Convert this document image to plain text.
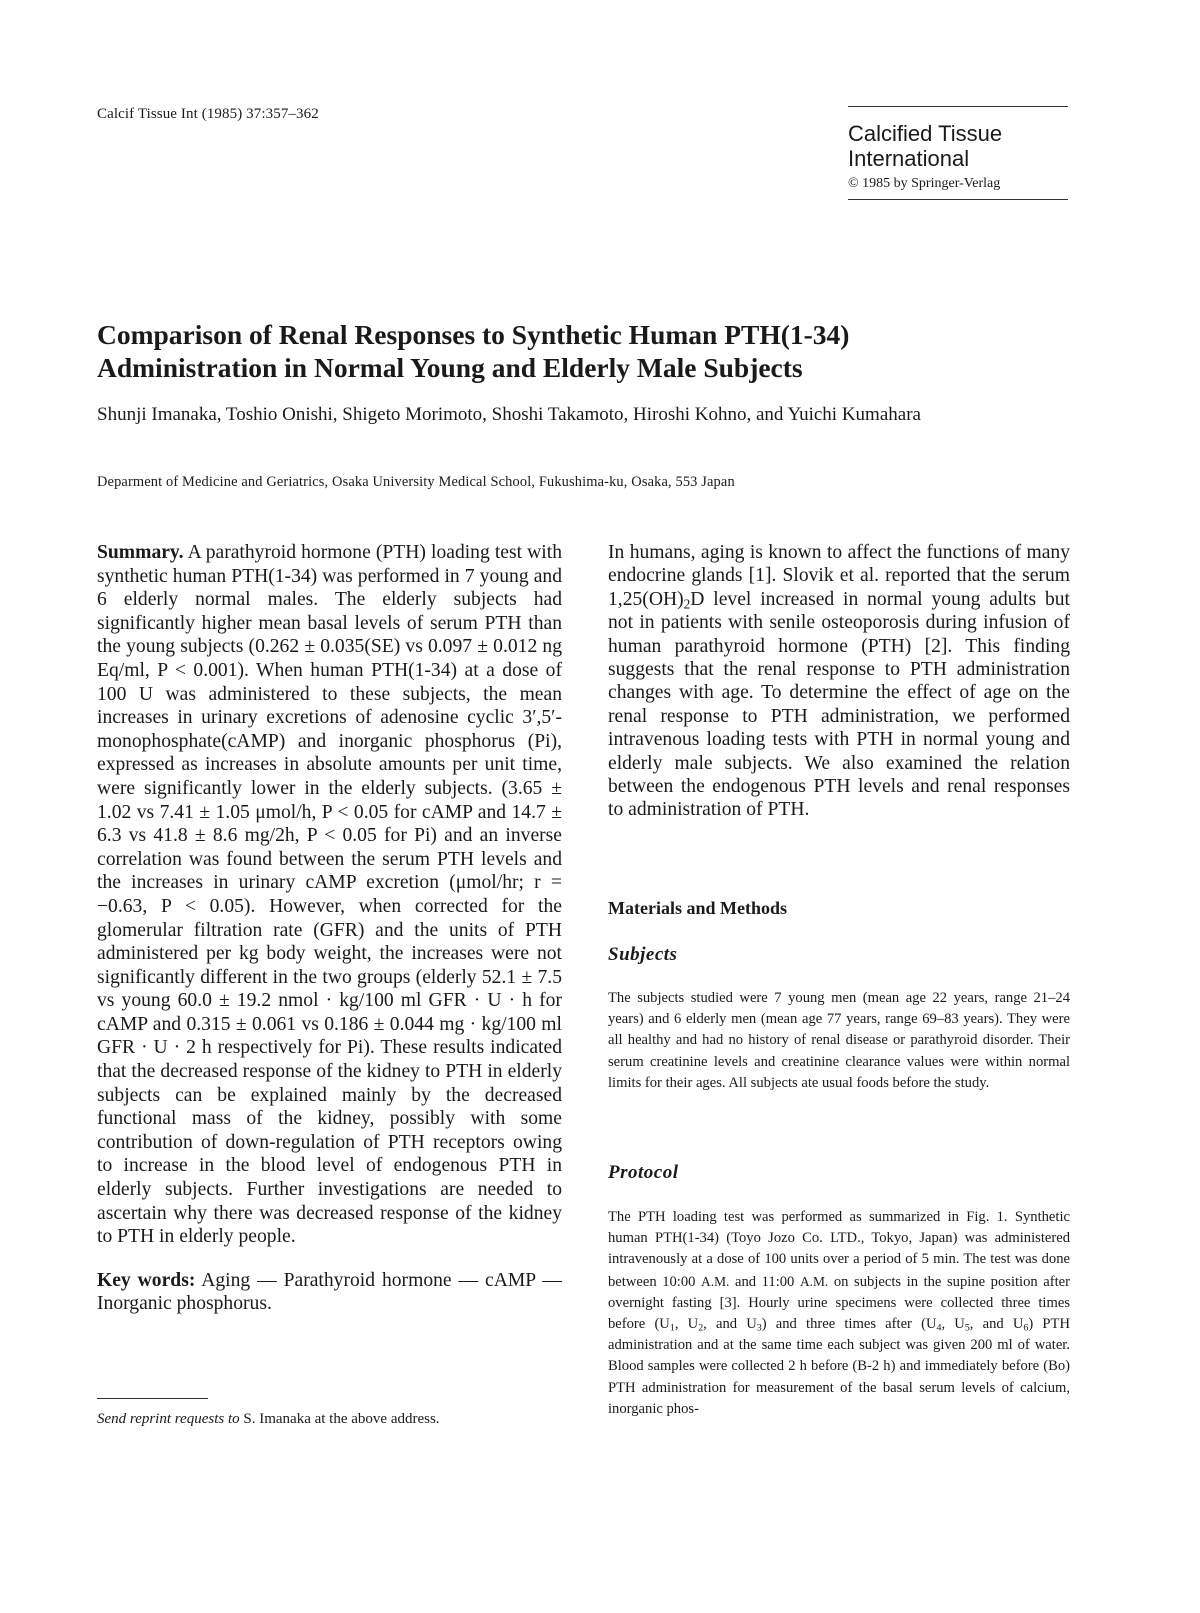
Calcif Tissue Int (1985) 37:357–362
Calcified Tissue
International
© 1985 by Springer-Verlag
Comparison of Renal Responses to Synthetic Human PTH(1-34) Administration in Normal Young and Elderly Male Subjects

Shunji Imanaka, Toshio Onishi, Shigeto Morimoto, Shoshi Takamoto, Hiroshi Kohno, and Yuichi Kumahara

Deparment of Medicine and Geriatrics, Osaka University Medical School, Fukushima-ku, Osaka, 553 Japan

Summary. A parathyroid hormone (PTH) loading test with synthetic human PTH(1-34) was performed in 7 young and 6 elderly normal males. The elderly subjects had significantly higher mean basal levels of serum PTH than the young subjects (0.262 ± 0.035(SE) vs 0.097 ± 0.012 ng Eq/ml, P < 0.001). When human PTH(1-34) at a dose of 100 U was administered to these subjects, the mean increases in urinary excretions of adenosine cyclic 3′,5′-monophosphate(cAMP) and inorganic phosphorus (Pi), expressed as increases in absolute amounts per unit time, were significantly lower in the elderly subjects. (3.65 ± 1.02 vs 7.41 ± 1.05 μmol/h, P < 0.05 for cAMP and 14.7 ± 6.3 vs 41.8 ± 8.6 mg/2h, P < 0.05 for Pi) and an inverse correlation was found between the serum PTH levels and the increases in urinary cAMP excretion (μmol/hr; r = −0.63, P < 0.05). However, when corrected for the glomerular filtration rate (GFR) and the units of PTH administered per kg body weight, the increases were not significantly different in the two groups (elderly 52.1 ± 7.5 vs young 60.0 ± 19.2 nmol · kg/100 ml GFR · U · h for cAMP and 0.315 ± 0.061 vs 0.186 ± 0.044 mg · kg/100 ml GFR · U · 2 h respectively for Pi). These results indicated that the decreased response of the kidney to PTH in elderly subjects can be explained mainly by the decreased functional mass of the kidney, possibly with some contribution of down-regulation of PTH receptors owing to increase in the blood level of endogenous PTH in elderly subjects. Further investigations are needed to ascertain why there was decreased response of the kidney to PTH in elderly people.

Key words: Aging — Parathyroid hormone — cAMP — Inorganic phosphorus.

Send reprint requests to S. Imanaka at the above address.

In humans, aging is known to affect the functions of many endocrine glands [1]. Slovik et al. reported that the serum $1,25(OH)_2D$ level increased in normal young adults but not in patients with senile osteoporosis during infusion of human parathyroid hormone (PTH) [2]. This finding suggests that the renal response to PTH administration changes with age. To determine the effect of age on the renal response to PTH administration, we performed intravenous loading tests with PTH in normal young and elderly male subjects. We also examined the relation between the endogenous PTH levels and renal responses to administration of PTH.

Materials and Methods
Subjects

The subjects studied were 7 young men (mean age 22 years, range 21–24 years) and 6 elderly men (mean age 77 years, range 69–83 years). They were all healthy and had no history of renal disease or parathyroid disorder. Their serum creatinine levels and creatinine clearance values were within normal limits for their ages. All subjects ate usual foods before the study.

Protocol

The PTH loading test was performed as summarized in Fig. 1. Synthetic human PTH(1-34) (Toyo Jozo Co. LTD., Tokyo, Japan) was administered intravenously at a dose of 100 units over a period of 5 min. The test was done between 10:00 A.M. and 11:00 A.M. on subjects in the supine position after overnight fasting [3]. Hourly urine specimens were collected three times before ($U_1$, $U_2$, and $U_3$) and three times after ($U_4$, $U_5$, and $U_6$) PTH administration and at the same time each subject was given 200 ml of water. Blood samples were collected 2 h before (B-2 h) and immediately before (Bo) PTH administration for measurement of the basal serum levels of calcium, inorganic phos-
